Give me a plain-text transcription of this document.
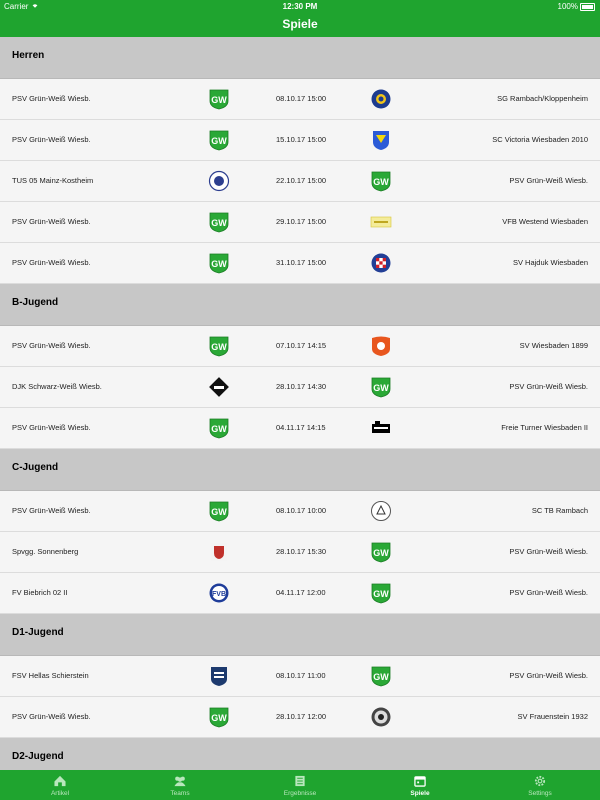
Carrier	12:30 PM	100%
Spiele
Herren
PSV Grün-Weiß Wiesb.	GW	08.10.17 15:00	SG Rambach/Kloppenheim
PSV Grün-Weiß Wiesb.	GW	15.10.17 15:00	SC Victoria Wiesbaden 2010
TUS 05 Mainz-Kostheim	22.10.17 15:00	GW	PSV Grün-Weiß Wiesb.
PSV Grün-Weiß Wiesb.	GW	29.10.17 15:00	VFB Westend Wiesbaden
PSV Grün-Weiß Wiesb.	GW	31.10.17 15:00	SV Hajduk Wiesbaden
B-Jugend
PSV Grün-Weiß Wiesb.	GW	07.10.17 14:15	SV Wiesbaden 1899
DJK Schwarz-Weiß Wiesb.	28.10.17 14:30	GW	PSV Grün-Weiß Wiesb.
PSV Grün-Weiß Wiesb.	GW	04.11.17 14:15	Freie Turner Wiesbaden II
C-Jugend
PSV Grün-Weiß Wiesb.	GW	08.10.17 10:00	SC TB Rambach
Spvgg. Sonnenberg	28.10.17 15:30	GW	PSV Grün-Weiß Wiesb.
FV Biebrich 02 II	FVB	04.11.17 12:00	GW	PSV Grün-Weiß Wiesb.
D1-Jugend
FSV Hellas Schierstein	08.10.17 11:00	GW	PSV Grün-Weiß Wiesb.
PSV Grün-Weiß Wiesb.	GW	28.10.17 12:00	SV Frauenstein 1932
D2-Jugend
Artikel	Teams	Ergebnisse	Spiele	Settings
